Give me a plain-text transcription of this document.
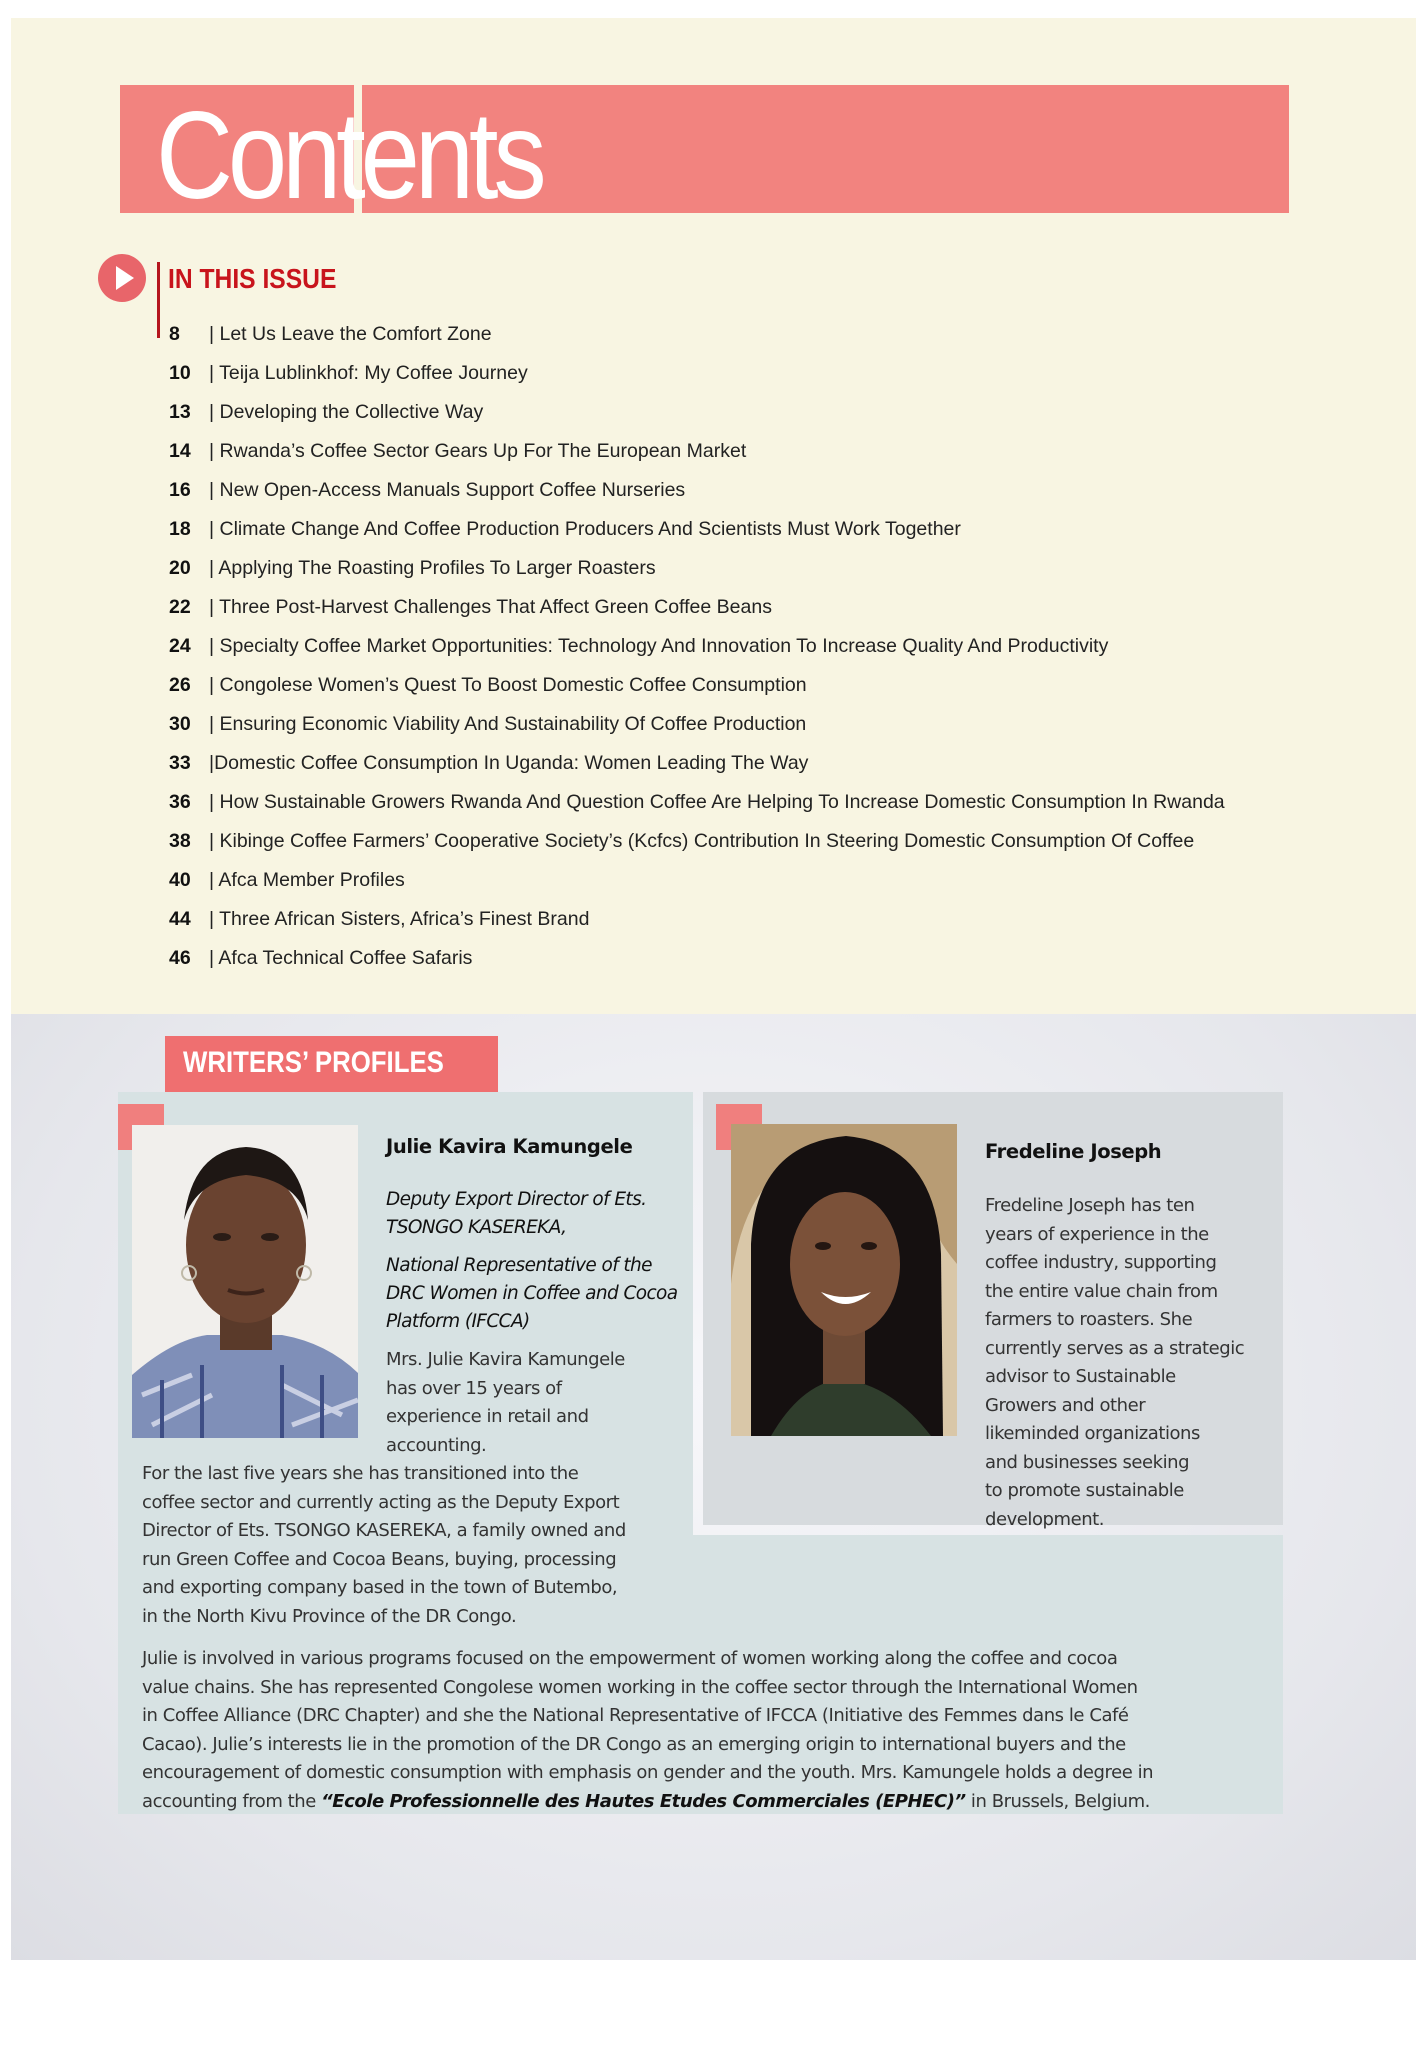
Contents
IN THIS ISSUE
8	| Let Us Leave the Comfort Zone
10 | Teija Lublinkhof: My Coffee Journey
13 | Developing the Collective Way
14 | Rwanda’s Coffee Sector Gears Up For The European Market
16 | New Open-Access Manuals Support Coffee Nurseries
18 | Climate Change And Coffee Production Producers And Scientists Must Work Together
20 | Applying The Roasting Profiles To Larger Roasters
22 | Three Post-Harvest Challenges That Affect Green Coffee Beans
24 | Specialty Coffee Market Opportunities: Technology And Innovation To Increase Quality And Productivity
26 | Congolese Women’s Quest To Boost Domestic Coffee Consumption
30 | Ensuring Economic Viability And Sustainability Of Coffee Production
33 |Domestic Coffee Consumption In Uganda: Women Leading The Way
36 | How Sustainable Growers Rwanda And Question Coffee Are Helping To Increase Domestic Consumption In Rwanda
38 | Kibinge Coffee Farmers’ Cooperative Society’s (Kcfcs) Contribution In Steering Domestic Consumption Of Coffee
40 | Afca Member Profiles
44 | Three African Sisters, Africa’s Finest Brand
46 | Afca Technical Coffee Safaris
WRITERS’ PROFILES
Julie Kavira Kamungele

Deputy Export Director of Ets. TSONGO KASEREKA,

National Representative of the DRC Women in Coffee and Cocoa Platform (IFCCA)

Mrs. Julie Kavira Kamungele
has over 15 years of
experience in retail and
accounting.
For the last five years she has transitioned into the
coffee sector and currently acting as the Deputy Export
Director of Ets. TSONGO KASEREKA, a family owned and
run Green Coffee and Cocoa Beans, buying, processing
and exporting company based in the town of Butembo,
in the North Kivu Province of the DR Congo.
Julie is involved in various programs focused on the empowerment of women working along the coffee and cocoa
value chains. She has represented Congolese women working in the coffee sector through the International Women
in Coffee Alliance (DRC Chapter) and she the National Representative of IFCCA (Initiative des Femmes dans le Café
Cacao). Julie’s interests lie in the promotion of the DR Congo as an emerging origin to international buyers and the
encouragement of domestic consumption with emphasis on gender and the youth. Mrs. Kamungele holds a degree in
accounting from the “Ecole Professionnelle des Hautes Etudes Commerciales (EPHEC)” in Brussels, Belgium.
Fredeline Joseph
Fredeline Joseph has ten
years of experience in the
coffee industry, supporting
the entire value chain from
farmers to roasters. She
currently serves as a strategic
advisor to Sustainable
Growers and other
likeminded organizations
and businesses seeking
to promote sustainable
development.
